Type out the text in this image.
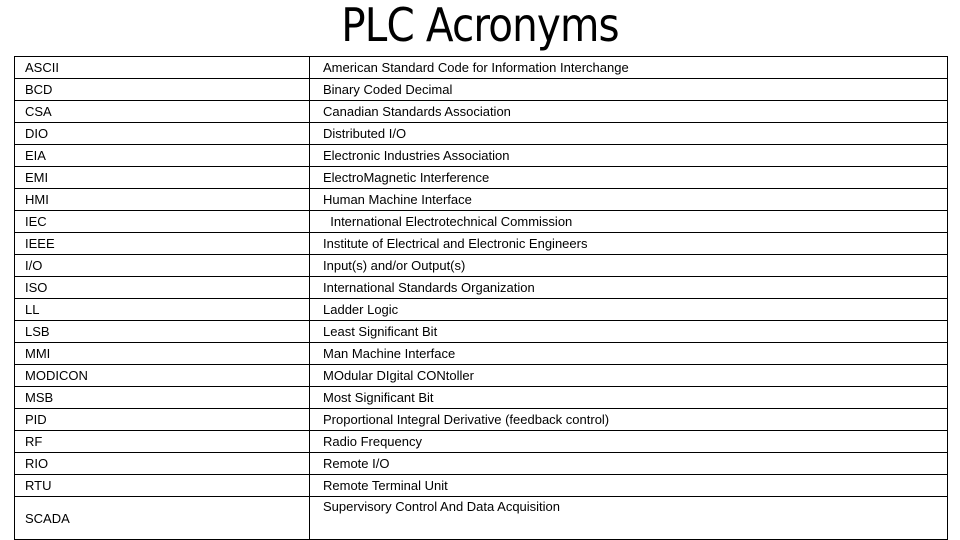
PLC Acronyms
ASCII	American Standard Code for Information Interchange
BCD	Binary Coded Decimal
CSA	Canadian Standards Association
DIO	Distributed I/O
EIA	Electronic Industries Association
EMI	ElectroMagnetic Interference
HMI	Human Machine Interface
IEC	International Electrotechnical Commission
IEEE	Institute of Electrical and Electronic Engineers
I/O	Input(s) and/or Output(s)
ISO	International Standards Organization
LL	Ladder Logic
LSB	Least Significant Bit
MMI	Man Machine Interface
MODICON	MOdular DIgital CONtoller
MSB	Most Significant Bit
PID	Proportional Integral Derivative (feedback control)
RF	Radio Frequency
RIO	Remote I/O
RTU	Remote Terminal Unit
SCADA	Supervisory Control And Data Acquisition
